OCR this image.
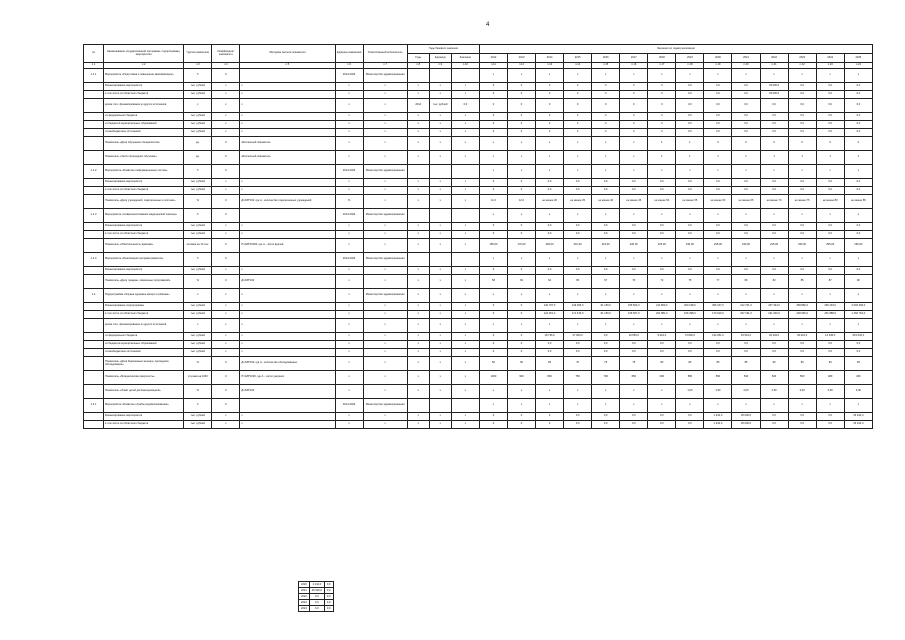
4
№	Наименование государственной программы, подпрограммы, мероприятия	Группа показателя	Коэффициент значимости	Методика расчета показателя	Единица измерения	Ответственный исполнитель	Годы базового значения			Значения по годам реализации													
							Годы	Единица	Значение	2012	2013	2014	2015	2016	2017	2018	2019	2020	2021	2022	2023	2024	2025
п.1	п.2	п.3	п.4	п.5	п.6	п.7	п.8	п.9	п.10	п.11	п.12	п.13	п.14	п.15	п.16	п.17	п.18	п.19	п.20	п.21	п.22	п.23	п.24
1.1.1	Мероприятие «Подготовка и повышение квалификации»	б	0		2013-2024	Министерство здравоохранения				х	х	х	х	х	х	х	х	х	х	х	х	х	х
	Финансирование мероприятия	тыс. рублей	х	х	х	х	х	х	х	0	0	0	0	0	0	0	0,0	0,0	0,0	33 000,0	0,0	0,0	0,0
	в том числе из областного бюджета	тыс. рублей	х	х	х	х	х	х	х	0	0	0	0	0	0	0	0,0	0,0	0,0	33 000,0	0,0	0,0	0,0
	кроме того, финансирование из других источников	х	х	х	х	х	2014	тыс. рублей	0,0	0	0	0	0	0	0	0	0,0	0,0	0,0	0,0	0,0	0,0	0,0
	из федерального бюджета	тыс. рублей	х	х	х	х	х	х	х	0	0	0	0	0	0	0	0,0	0,0	0,0	0,0	0,0	0,0	0,0
	из бюджетов муниципальных образований	тыс. рублей	х	х	х	х	х	х	х	0	0	0	0	0	0	0	0,0	0,0	0,0	0,0	0,0	0,0	0,0
	из внебюджетных источников	тыс. рублей	х	х	х	х	х	х	х	0	0	0	0	0	0	0	0,0	0,0	0,0	0,0	0,0	0,0	0,0
	Показатель «Доля обученных специалистов»	ед.	0	абсолютный показатель	х	х	х	х	х	х	х	х	х	х	х	1	1	0	0	0	0	0	0
	Показатель «Число прошедших обучение»	ед.	0	абсолютный показатель	х	х	х	х	х	х	х	х	х	х	х	1	1	1	1	1	1	1	1
1.1.2	Мероприятие «Развитие информационных систем»	б	0		2013-2024	Министерство здравоохранения				х	х	х	х	х	х	х	х	х	х	х	х	х	х
	Финансирование мероприятия	тыс. рублей	х	х	х	х	х	х	х	0	0	0,0	0,0	0,0	0,0	0,0	0,0	0,0	0,0	0,0	0,0	0,0	0,0
	в том числе из областного бюджета	тыс. рублей	х	х	х	х	х	х	х	0	0	0,0	0,0	0,0	0,0	0,0	0,0	0,0	0,0	0,0	0,0	0,0	0,0
	Показатель «Доля учреждений, подключенных к системе»	%	0	Д=А/В*100, где А - количество подключенных учреждений	%	х	х	х	х	11,0	12,0	не менее 30	не менее 35	не менее 40	не менее 45	не менее 50	не менее 55	не менее 60	не менее 65	не менее 70	не менее 75	не менее 80	не менее 85
1.1.3	Мероприятие «Совершенствование медицинской помощи»	б	0		2013-2024	Министерство здравоохранения				х	х	х	х	х	х	х	х	х	х	х	х	х	х
	Финансирование мероприятия	тыс. рублей	х	х	х	х	х	х	х	0	0	0,0	0,0	0,0	0,0	0,0	0,0	0,0	0,0	0,0	0,0	0,0	0,0
	в том числе из областного бюджета	тыс. рублей	х	х	х	х	х	х	х	0	0	0,0	0,0	0,0	0,0	0,0	0,0	0,0	0,0	0,0	0,0	0,0	0,0
	Показатель «Обеспеченность врачами»	человек на 10 тыс.	0	П=А/В*10000, где А - число врачей	х	х	х	х	х	155,00	170,00	200,00	210,00	215,00	220,00	225,00	230,00	235,00	240,00	245,00	250,00	255,00	260,00
1.1.4	Мероприятие «Реализация программ развития»	б	0		2013-2024	Министерство здравоохранения				х	х	х	х	х	х	х	х	х	х	х	х	х	х
	Финансирование мероприятия	тыс. рублей	х	х	х	х	х	х	х	0	0	0,0	0,0	0,0	0,0	0,0	0,0	0,0	0,0	0,0	0,0	0,0	0,0
	Показатель «Доля граждан, охваченных программой»	%	0	Д=А/В*100	х	х	х	х	х	58	60	62	65	67	70	72	75	77	80	82	85	87	90
1.2	Подпрограмма «Охрана здоровья матери и ребенка»	х	х	х	х	Министерство здравоохранения	х	х	х	х	х	х	х	х	х	х	х	х	х	х	х	х	х
	Финансирование подпрограммы	тыс. рублей	х	х	х	х	х	х	х	0	0	140 797,0	149 393,0	91 150,0	155 562,0	211 800,0	260 198,0	305 167,0	212 701,0	267 334,0	258 882,0	266 233,0	2 066 396,0
	в том числе из областного бюджета	тыс. рублей	х	х	х	х	х	х	х	0	0	122 061,0	171 615,0	91 150,0	136 507,0	201 881,0	196 398,0	170 916,0	197 191,0	221 000,0	228 960,0	251 888,0	1 450 764,0
	кроме того, финансирование из других источников	х	х	х	х	х	х	х	х	х	х	х	х	х	х	х	х	х	х	х	х	х	х
	из федерального бюджета	тыс. рублей	х	х	х	х	х	х	х	0	0	18 736,0	27 000,0	0,0	19 055,0	9 919,0	73 800,0	134 251,0	15 510,0	46 334,0	29 922,0	14 345,0	615 632,0
	из бюджетов муниципальных образований	тыс. рублей	х	х	х	х	х	х	х	0	0	0,0	0,0	0,0	0,0	0,0	0,0	0,0	0,0	0,0	0,0	0,0	0,0
	из внебюджетных источников	тыс. рублей	х	х	х	х	х	х	х	0	0	0,0	0,0	0,0	0,0	0,0	0,0	0,0	0,0	0,0	0,0	0,0	0,0
	Показатель «Доля беременных женщин, прошедших обследование»	%	0	Д=А/В*100, где А - количество обследованных	х	х	х	х	х	50	60	65	70	75	75	80	80	85	85	90	90	95	95
	Показатель «Младенческая смертность»	случаев на 1000	0	П=А/В*1000, где А - число умерших	х	х	х	х	х	1000	900	800	750	700	650	600	580	560	540	520	500	480	460
	Показатель «Охват детей диспансеризацией»	%	0	Д=А/В*100	х	х	х	х	х	х	х	х	х	х	х	х	1,00	1,50	2,00	2,50	3,00	3,50	4,00
1.2.1	Мероприятие «Развитие службы родовспоможения»	б	0		2014-2024	Министерство здравоохранения				х	х	х	х	х	х	х	х	х	х	х	х	х	х
	Финансирование мероприятия	тыс. рублей	х	х	х	х	х	х	х	0	0	0	0,0	0,0	0,0	0,0	0,0	1 244,0	25 000,0	0,0	0,0	0,0	26 244,0
	в том числе из областного бюджета	тыс. рублей	х	х	х	х	х	х	х	0	0	0	0,0	0,0	0,0	0,0	0,0	1 244,0	25 000,0	0,0	0,0	0,0	26 244,0
2020	1 244,0	0,0
2021	25 000,0	0,0
2022	0,0	0,0
2023	0,0	0,0
2024	0,0	0,0
